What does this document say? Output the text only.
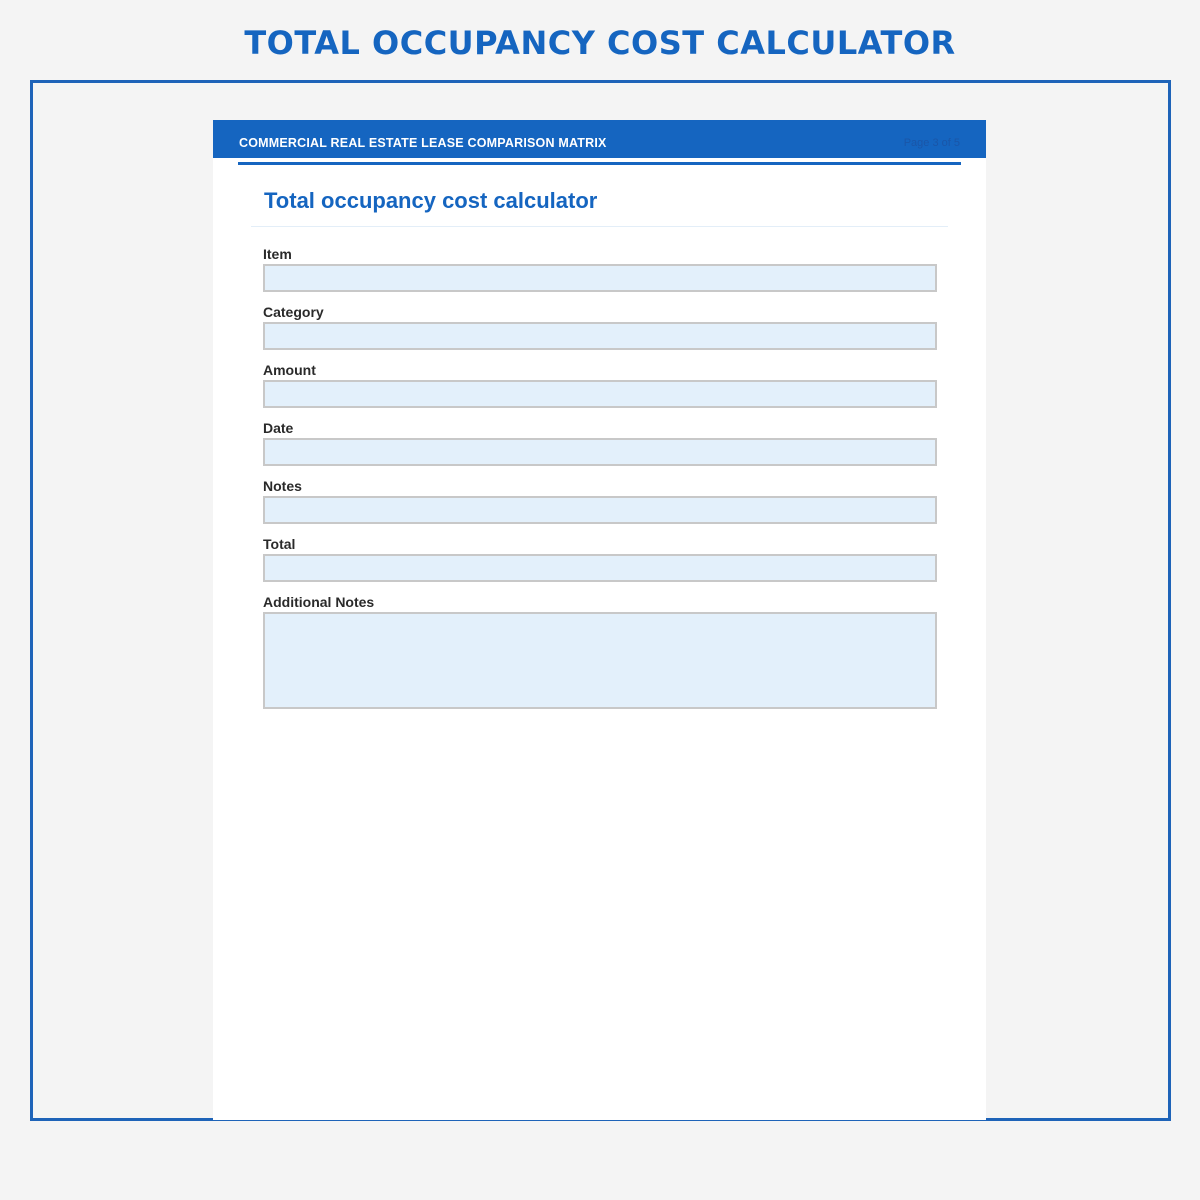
TOTAL OCCUPANCY COST CALCULATOR
COMMERCIAL REAL ESTATE LEASE COMPARISON MATRIX	Page 3 of 5
Total occupancy cost calculator
Item
Category
Amount
Date
Notes
Total
Additional Notes
